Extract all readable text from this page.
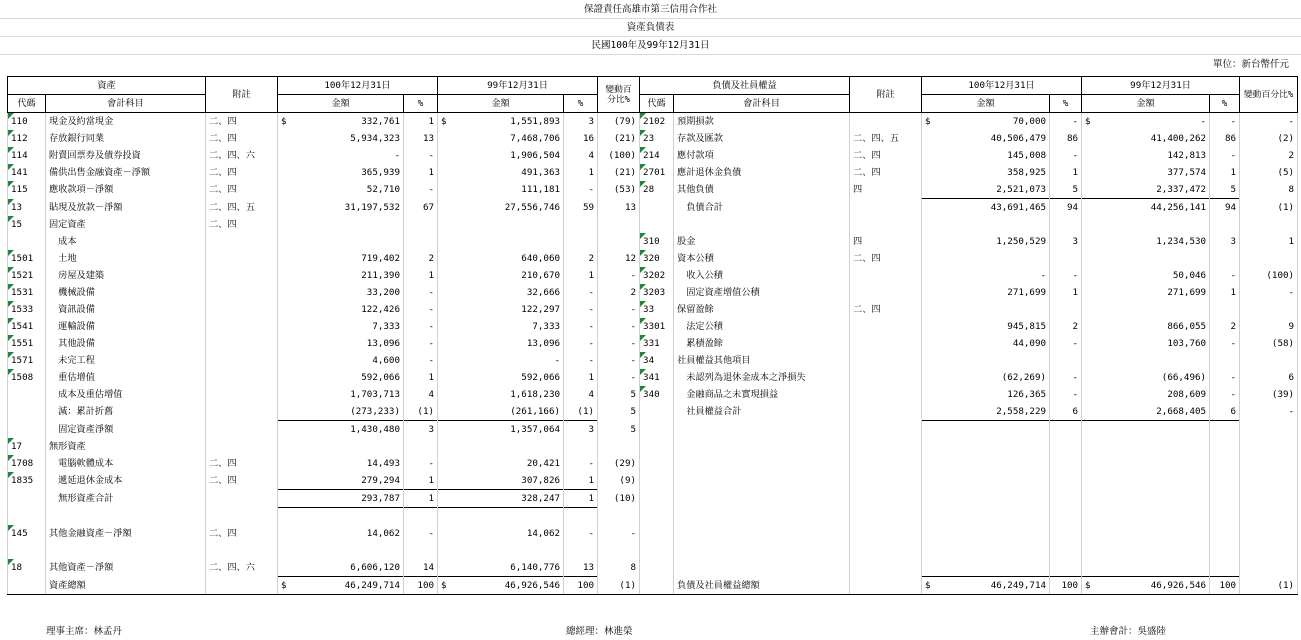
保證責任高雄市第三信用合作社
資產負債表
民國100年及99年12月31日
單位：新台幣仟元
資產		附註	100年12月31日		99年12月31日		變動百分比%	負債及社員權益		附註	100年12月31日		99年12月31日		變動百分比%
代碼	會計科目		金額	%	金額	%		代碼	會計科目		金額	%	金額	%	
110	現金及約當現金	二、四	$ 332,761	1	$ 1,551,893	3	(79)	2102	預期損款		$ 70,000	-	$ -	-	-
112	存放銀行同業	二、四	5,934,323	13	7,468,706	16	(21)	23	存款及匯款	二、四、五	40,506,479	86	41,400,262	86	(2)
114	附賣回票券及債券投資	二、四、六	-	-	1,906,504	4	(100)	214	應付款項	二、四	145,008	-	142,813	-	2
141	備供出售金融資產－淨額	二、四	365,939	1	491,363	1	(21)	2701	應計退休金負債	二、四	358,925	1	377,574	1	(5)
115	應收款項－淨額	二、四	52,710	-	111,181	-	(53)	28	其他負債	四	2,521,073	5	2,337,472	5	8
13	貼現及放款－淨額	二、四、五	31,197,532	67	27,556,746	59	13		　負債合計		43,691,465	94	44,256,141	94	(1)
15	固定資產	二、四													
	　成本							310	股金	四	1,250,529	3	1,234,530	3	1
1501	　土地		719,402	2	640,060	2	12	320	資本公積	二、四					
1521	　房屋及建築		211,390	1	210,670	1	-	3202	　收入公積		-	-	50,046	-	(100)
1531	　機械設備		33,200	-	32,666	-	2	3203	　固定資產增值公積		271,699	1	271,699	1	-
1533	　資訊設備		122,426	-	122,297	-	-	33	保留盈餘	二、四					
1541	　運輸設備		7,333	-	7,333	-	-	3301	　法定公積		945,815	2	866,055	2	9
1551	　其他設備		13,096	-	13,096	-	-	331	　累積盈餘		44,090	-	103,760	-	(58)
1571	　未完工程		4,600	-	-	-	-	34	社員權益其他項目						
1508	　重估增值		592,066	1	592,066	1	-	341	　未認列為退休金成本之淨損失		(62,269)	-	(66,496)	-	6
	　成本及重估增值		1,703,713	4	1,618,230	4	5	340	　金融商品之未實現損益		126,365	-	208,609	-	(39)
	　減：累計折舊		(273,233)	(1)	(261,166)	(1)	5		　社員權益合計		2,558,229	6	2,668,405	6	-
	　固定資產淨額		1,430,480	3	1,357,064	3	5								
17	無形資產														
1708	　電腦軟體成本	二、四	14,493	-	20,421	-	(29)								
1835	　遞延退休金成本	二、四	279,294	1	307,826	1	(9)								
	　無形資產合計		293,787	1	328,247	1	(10)								

145	其他金融資產－淨額	二、四	14,062	-	14,062	-	-								

18	其他資產－淨額	二、四、六	6,606,120	14	6,140,776	13	8								
	資產總額		$ 46,249,714	100	$ 46,926,546	100	(1)		負債及社員權益總額		$ 46,249,714	100	$ 46,926,546	100	(1)
理事主席：林孟丹	總經理：林進榮	主辦會計：吳盛陸
